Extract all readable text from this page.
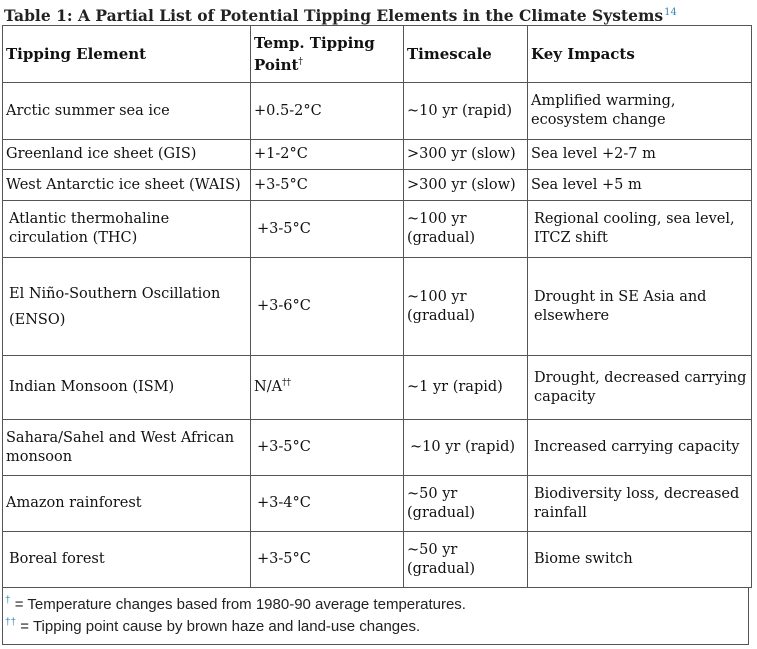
Table 1: A Partial List of Potential Tipping Elements in the Climate Systems$^{14}$
Tipping Element	Temp. Tipping Point†	Timescale	Key Impacts
Arctic summer sea ice	+0.5-2°C	~10 yr (rapid)	Amplified warming, ecosystem change
Greenland ice sheet (GIS)	+1-2°C	>300 yr (slow)	Sea level +2-7 m
West Antarctic ice sheet (WAIS)	+3-5°C	>300 yr (slow)	Sea level +5 m
Atlantic thermohaline circulation (THC)	+3-5°C	~100 yr (gradual)	Regional cooling, sea level, ITCZ shift
El Niño-Southern Oscillation (ENSO)	+3-6°C	~100 yr (gradual)	Drought in SE Asia and elsewhere
Indian Monsoon (ISM)	N/A††	~1 yr (rapid)	Drought, decreased carrying capacity
Sahara/Sahel and West African monsoon	+3-5°C	~10 yr (rapid)	Increased carrying capacity
Amazon rainforest	+3-4°C	~50 yr (gradual)	Biodiversity loss, decreased rainfall
Boreal forest	+3-5°C	~50 yr (gradual)	Biome switch
† = Temperature changes based from 1980-90 average temperatures.
†† = Tipping point cause by brown haze and land-use changes.
